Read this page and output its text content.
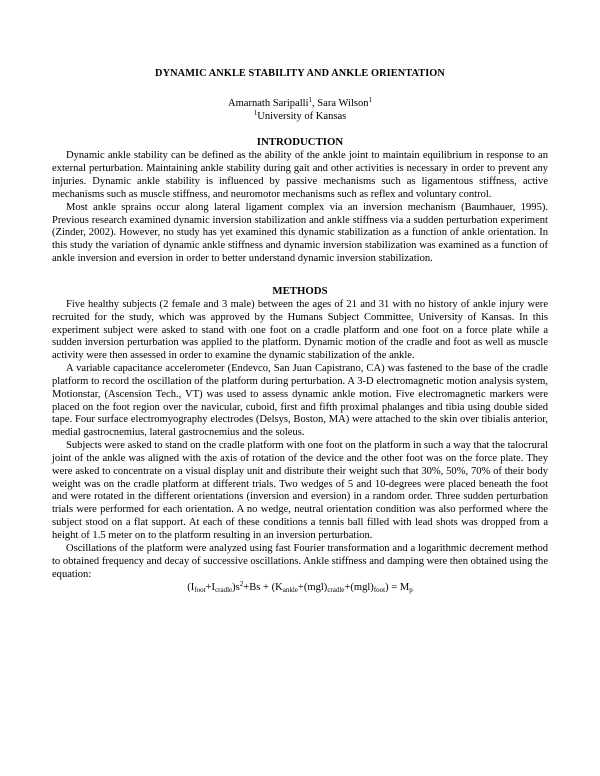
DYNAMIC ANKLE STABILITY AND ANKLE ORIENTATION
Amarnath Saripalli$^1$, Sara Wilson$^1$
$^1$University of Kansas
INTRODUCTION

Dynamic ankle stability can be defined as the ability of the ankle joint to maintain equilibrium in response to an external perturbation. Maintaining ankle stability during gait and other activities is necessary in order to prevent any injuries. Dynamic ankle stability is influenced by passive mechanisms such as ligamentous stiffness, active mechanisms such as muscle stiffness, and neuromotor mechanisms such as reflex and voluntary control.

Most ankle sprains occur along lateral ligament complex via an inversion mechanism (Baumhauer, 1995). Previous research examined dynamic inversion stabilization and ankle stiffness via a sudden perturbation experiment (Zinder, 2002). However, no study has yet examined this dynamic stabilization as a function of ankle orientation. In this study the variation of dynamic ankle stiffness and dynamic inversion stabilization was examined as a function of ankle inversion and eversion in order to better understand dynamic inversion stabilization.

METHODS

Five healthy subjects (2 female and 3 male) between the ages of 21 and 31 with no history of ankle injury were recruited for the study, which was approved by the Humans Subject Committee, University of Kansas. In this experiment subject were asked to stand with one foot on a cradle platform and one foot on a force plate while a sudden inversion perturbation was applied to the platform. Dynamic motion of the cradle and foot as well as muscle activity were then assessed in order to examine the dynamic stabilization of the ankle.

A variable capacitance accelerometer (Endevco, San Juan Capistrano, CA) was fastened to the base of the cradle platform to record the oscillation of the platform during perturbation. A 3-D electromagnetic motion analysis system, Motionstar, (Ascension Tech., VT) was used to assess dynamic ankle motion. Five electromagnetic markers were placed on the foot region over the navicular, cuboid, first and fifth proximal phalanges and tibia using double sided tape. Four surface electromyography electrodes (Delsys, Boston, MA) were attached to the skin over tibialis anterior, medial gastrocnemius, lateral gastrocnemius and the soleus.

Subjects were asked to stand on the cradle platform with one foot on the platform in such a way that the talocrural joint of the ankle was aligned with the axis of rotation of the device and the other foot was on the force plate. They were asked to concentrate on a visual display unit and distribute their weight such that 30%, 50%, 70% of their body weight was on the cradle platform at different trials. Two wedges of 5 and 10-degrees were placed beneath the foot and were rotated in the different orientations (inversion and eversion) in a random order. Three sudden perturbation trials were performed for each orientation. A no wedge, neutral orientation condition was also performed where the subject stood on a flat support. At each of these conditions a tennis ball filled with lead shots was dropped from a height of 1.5 meter on to the platform resulting in an inversion perturbation.

Oscillations of the platform were analyzed using fast Fourier transformation and a logarithmic decrement method to obtained frequency and decay of successive oscillations. Ankle stiffness and damping were then obtained using the equation:

$(I_{foot}+I_{cradle})s^2+Bs + (K_{ankle}+(mgl)_{cradle}+(mgl)_{foot}) = M_p$
